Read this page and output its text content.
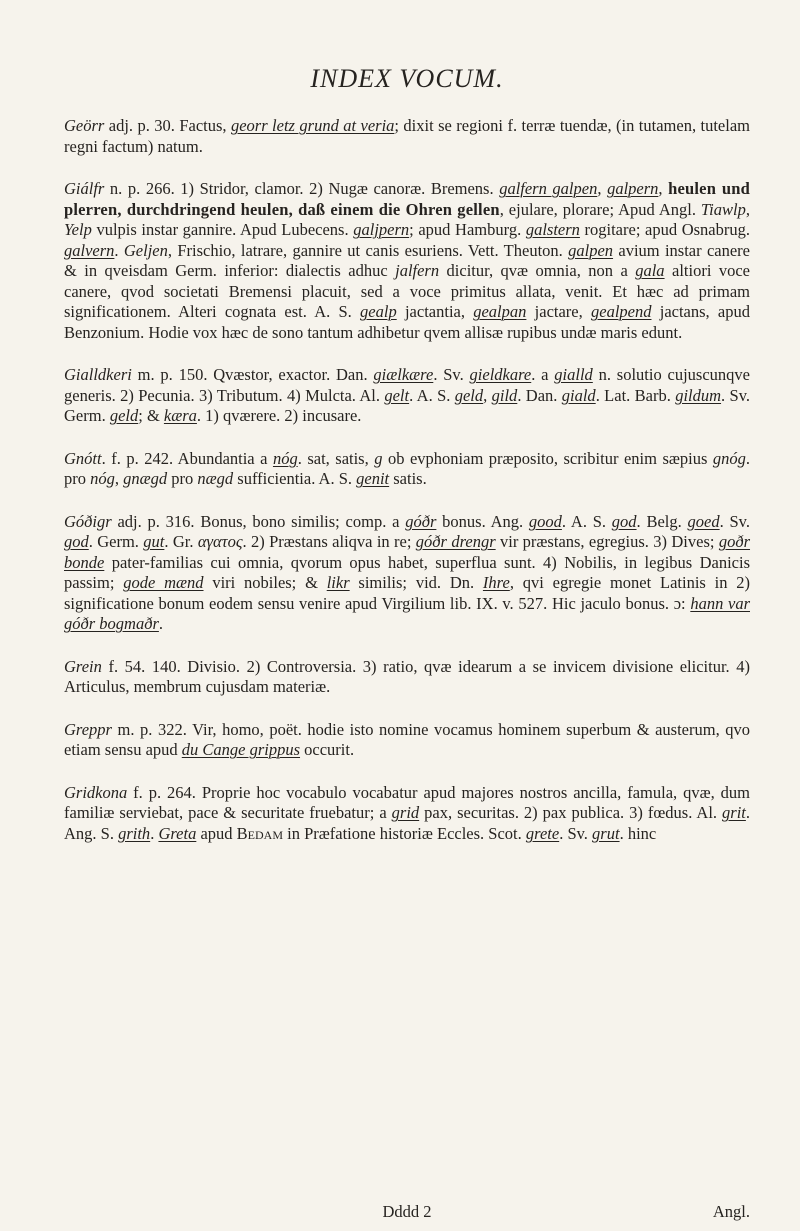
INDEX VOCUM.

Geörr adj. p. 30. Factus, georr letz grund at veria; dixit se regioni f. terræ tuendæ, (in tutamen, tutelam regni factum) natum.

Giálfr n. p. 266. 1) Stridor, clamor. 2) Nugæ canoræ. Bremens. galfern galpen, galpern, heulen und plerren, durchdringend heulen, daß einem die Ohren gellen, ejulare, plorare; Apud Angl. Tiawlp, Yelp vulpis instar gannire. Apud Lubecens. galjpern; apud Hamburg. galstern rogitare; apud Osnabrug. galvern. Geljen, Frischio, latrare, gannire ut canis esuriens. Vett. Theuton. galpen avium instar canere & in qveisdam Germ. inferior: dialectis adhuc jalfern dicitur, qvæ omnia, non a gala altiori voce canere, qvod societati Bremensi placuit, sed a voce primitus allata, venit. Et hæc ad primam significationem. Alteri cognata est. A. S. gealp jactantia, gealpan jactare, gealpend jactans, apud Benzonium. Hodie vox hæc de sono tantum adhibetur qvem allisæ rupibus undæ maris edunt.

Gialldkeri m. p. 150. Qvæstor, exactor. Dan. giælkære. Sv. gieldkare. a gialld n. solutio cujuscunqve generis. 2) Pecunia. 3) Tributum. 4) Mulcta. Al. gelt. A. S. geld, gild. Dan. giald. Lat. Barb. gildum. Sv. Germ. geld; & kæra. 1) qværere. 2) incusare.

Gnótt. f. p. 242. Abundantia a nóg. sat, satis, g ob evphoniam præposito, scribitur enim sæpius gnóg. pro nóg, gnægd pro nægd sufficientia. A. S. genit satis.

Góðigr adj. p. 316. Bonus, bono similis; comp. a góðr bonus. Ang. good. A. S. god. Belg. goed. Sv. god. Germ. gut. Gr. αγατος. 2) Præstans aliqva in re; góðr drengr vir præstans, egregius. 3) Dives; goðr bonde pater-familias cui omnia, qvorum opus habet, superflua sunt. 4) Nobilis, in legibus Danicis passim; gode mænd viri nobiles; & likr similis; vid. Dn. Ihre, qvi egregie monet Latinis in 2) significatione bonum eodem sensu venire apud Virgilium lib. IX. v. 527. Hic jaculo bonus. ɔ: hann var góðr bogmaðr.

Grein f. 54. 140. Divisio. 2) Controversia. 3) ratio, qvæ idearum a se invicem divisione elicitur. 4) Articulus, membrum cujusdam materiæ.

Greppr m. p. 322. Vir, homo, poët. hodie isto nomine vocamus hominem superbum & austerum, qvo etiam sensu apud du Cange grippus occurit.

Gridkona f. p. 264. Proprie hoc vocabulo vocabatur apud majores nostros ancilla, famula, qvæ, dum familiæ serviebat, pace & securitate fruebatur; a grid pax, securitas. 2) pax publica. 3) fœdus. Al. grit. Ang. S. grith. Greta apud Bedam in Præfatione historiæ Eccles. Scot. grete. Sv. grut. hinc

Dddd 2	Angl.
